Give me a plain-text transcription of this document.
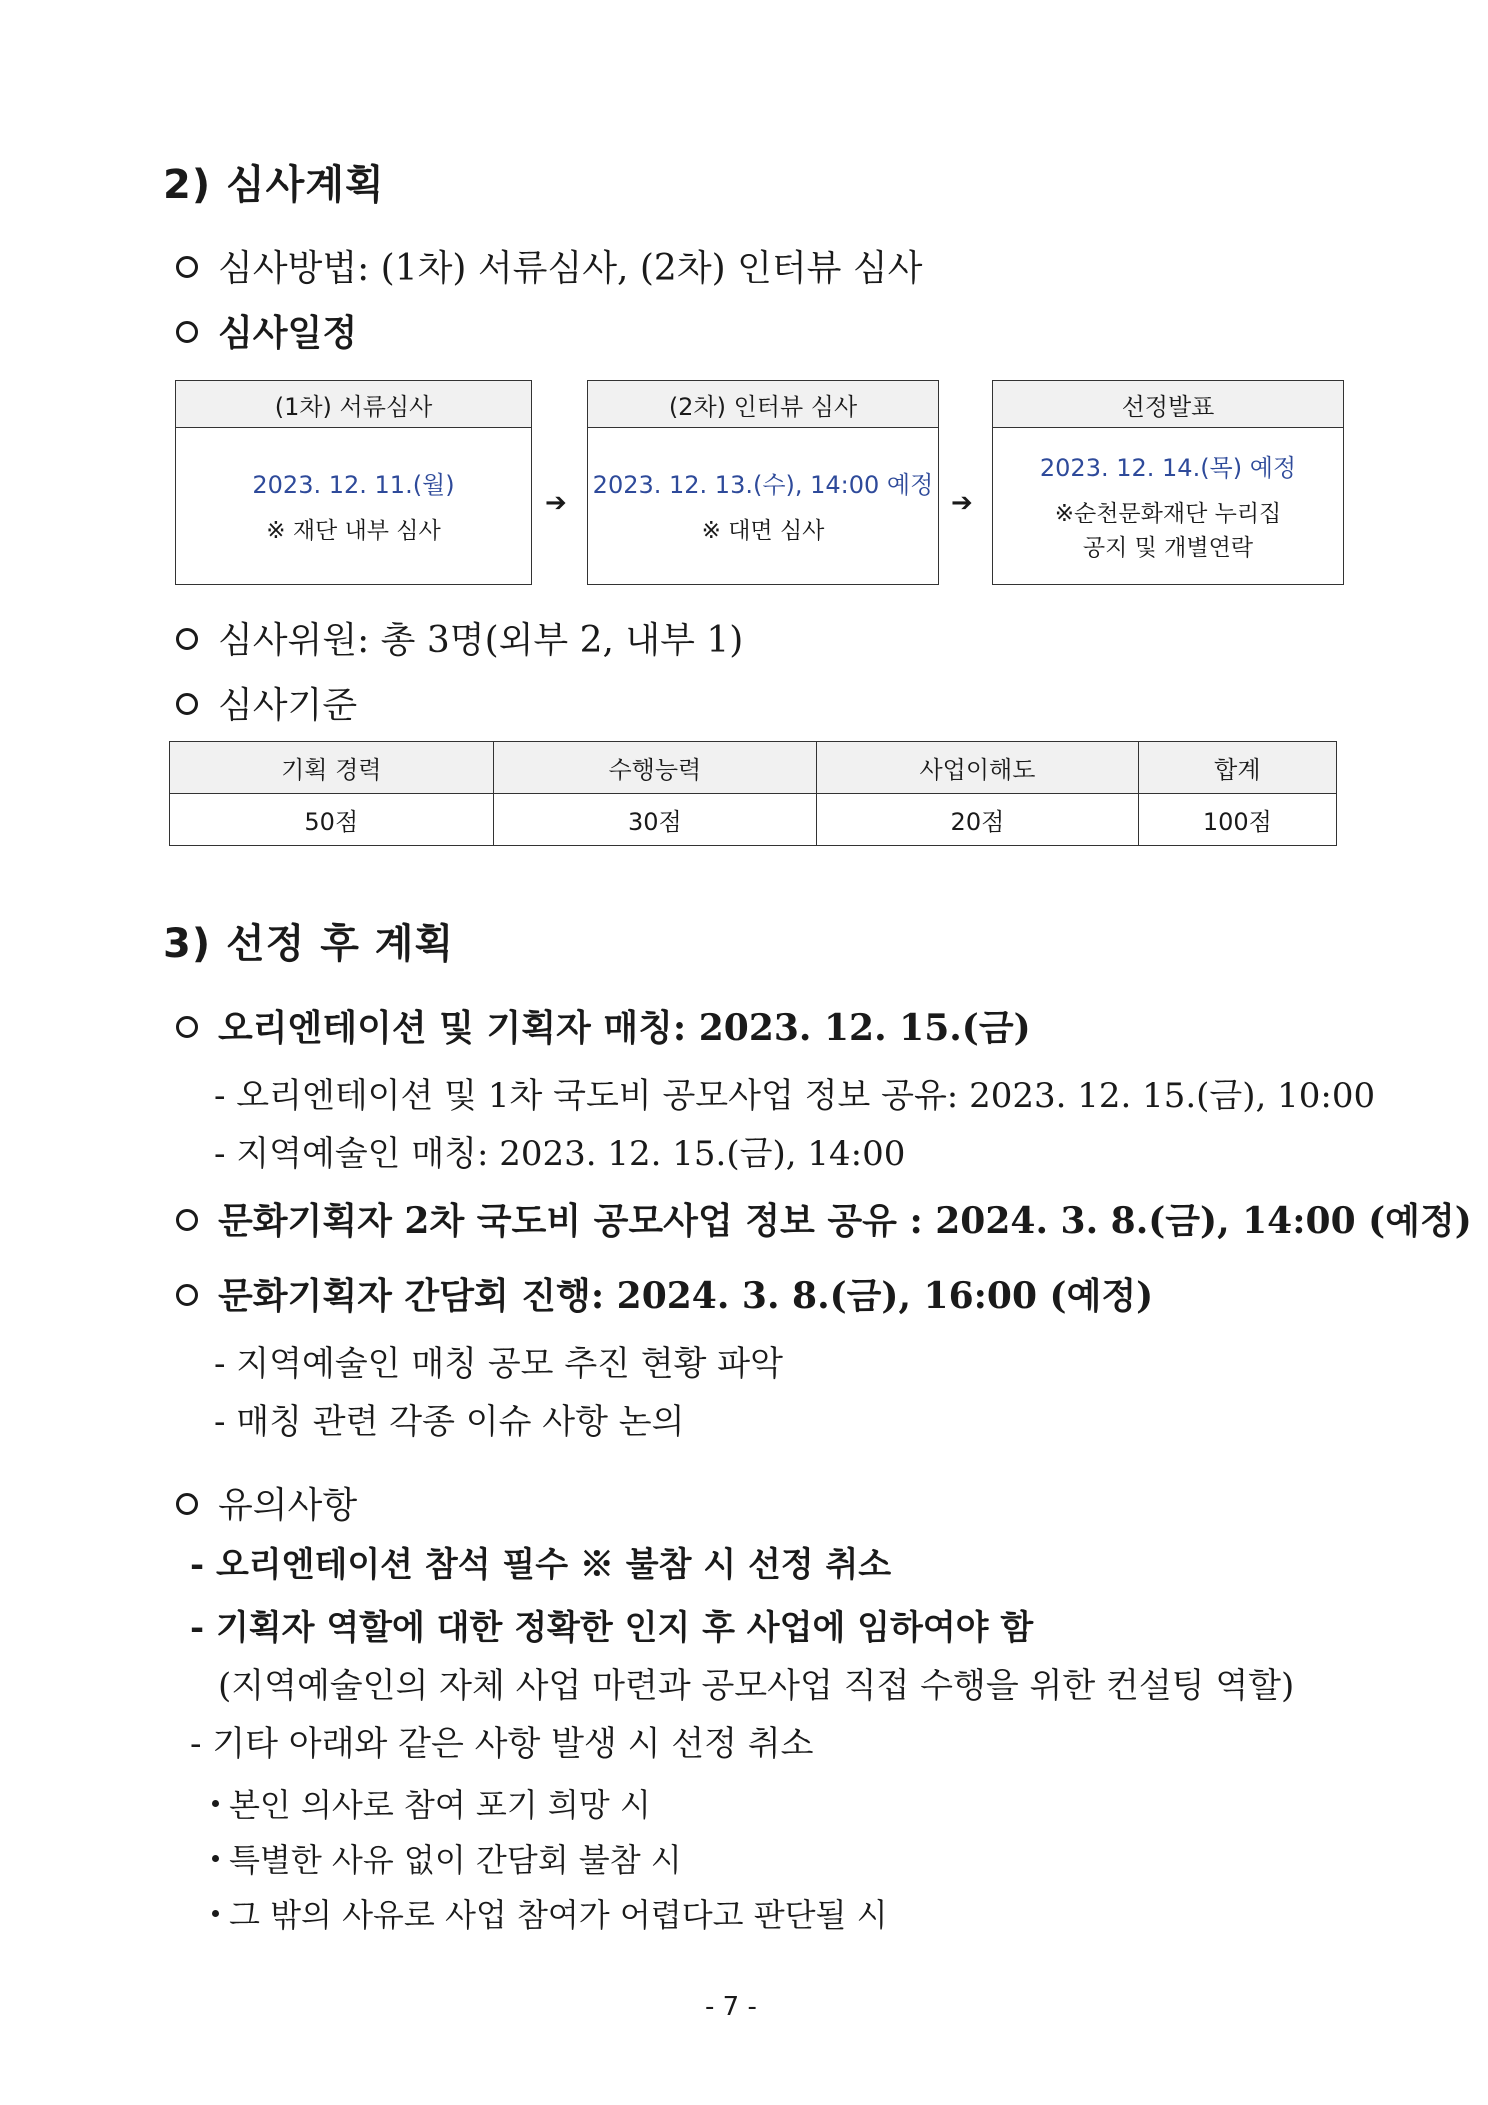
2) 심사계획
심사방법: (1차) 서류심사, (2차) 인터뷰 심사
심사일정
(1차) 서류심사
2023. 12. 11.(월)
※ 재단 내부 심사
➔
(2차) 인터뷰 심사
2023. 12. 13.(수), 14:00 예정
※ 대면 심사
➔
선정발표
2023. 12. 14.(목) 예정
※순천문화재단 누리집
공지 및 개별연락
심사위원: 총 3명(외부 2, 내부 1)
심사기준
기획 경력	수행능력	사업이해도	합계
50점	30점	20점	100점
3) 선정 후 계획
오리엔테이션 및 기획자 매칭: 2023. 12. 15.(금)
- 오리엔테이션 및 1차 국도비 공모사업 정보 공유: 2023. 12. 15.(금), 10:00
- 지역예술인 매칭: 2023. 12. 15.(금), 14:00
문화기획자 2차 국도비 공모사업 정보 공유 : 2024. 3. 8.(금), 14:00 (예정)
문화기획자 간담회 진행: 2024. 3. 8.(금), 16:00 (예정)
- 지역예술인 매칭 공모 추진 현황 파악
- 매칭 관련 각종 이슈 사항 논의
유의사항
- 오리엔테이션 참석 필수 ※ 불참 시 선정 취소
- 기획자 역할에 대한 정확한 인지 후 사업에 임하여야 함
(지역예술인의 자체 사업 마련과 공모사업 직접 수행을 위한 컨설팅 역할)
- 기타 아래와 같은 사항 발생 시 선정 취소
본인 의사로 참여 포기 희망 시
특별한 사유 없이 간담회 불참 시
그 밖의 사유로 사업 참여가 어렵다고 판단될 시
- 7 -
